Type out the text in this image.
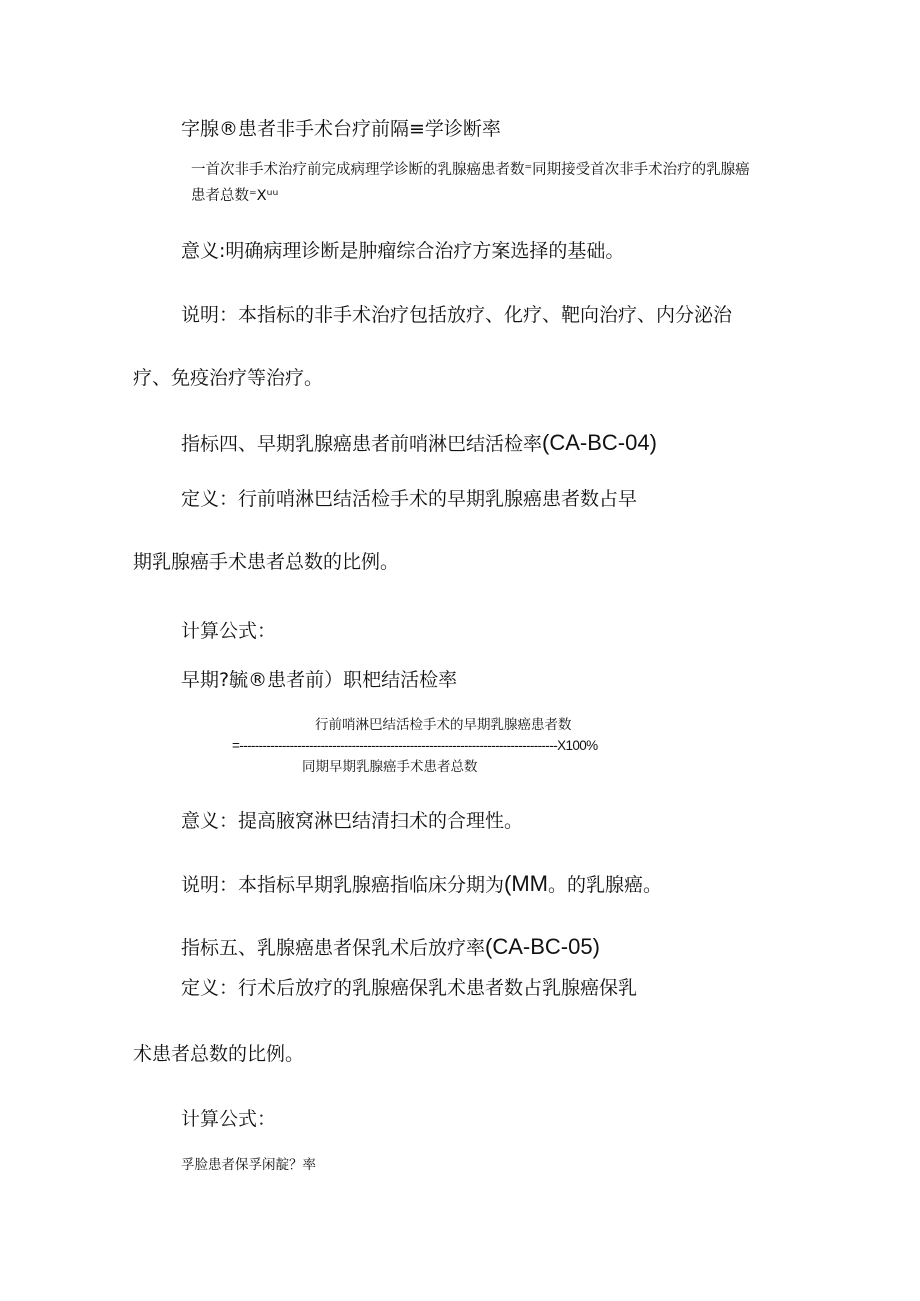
字腺®患者非手术台疗前隔≡学诊断率
一首次非手术治疗前完成病理学诊断的乳腺癌患者数⁼同期接受首次非手术治疗的乳腺癌
患者总数⁼Xᵘᵘ
意义:明确病理诊断是肿瘤综合治疗方案选择的基础。
说明：本指标的非手术治疗包括放疗、化疗、靶向治疗、内分泌治
疗、免疫治疗等治疗。
指标四、早期乳腺癌患者前哨淋巴结活检率(CA-BC-04)
定义：行前哨淋巴结活检手术的早期乳腺癌患者数占早
期乳腺癌手术患者总数的比例。
计算公式：
早期?毓®患者前）职杷结活检率
行前哨淋巴结活检手术的早期乳腺癌患者数
=----------------------------------------------------------------------------------X100%
同期早期乳腺癌手术患者总数
意义：提高腋窝淋巴结清扫术的合理性。
说明：本指标早期乳腺癌指临床分期为(MM。的乳腺癌。
指标五、乳腺癌患者保乳术后放疗率(CA-BC-05)
定义：行术后放疗的乳腺癌保乳术患者数占乳腺癌保乳
术患者总数的比例。
计算公式：
孚脸患者保孚闲靛？率
